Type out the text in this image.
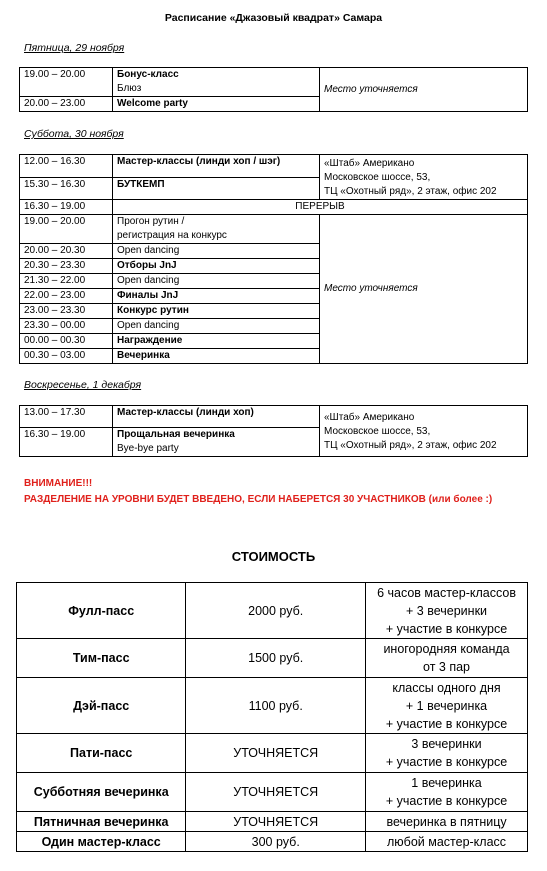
Расписание «Джазовый квадрат» Самара
Пятница, 29 ноября
19.00 – 20.00	Бонус-класс
Блюз	Место уточняется
20.00 – 23.00	Welcome party	
Суббота, 30 ноября
12.00 – 16.30	Мастер-классы (линди хоп / шэг)	«Штаб» Американо
Московское шоссе, 53,
ТЦ «Охотный ряд», 2 этаж, офис 202

15.30 – 16.30	БУТКЕМП	
16.30 – 19.00	ПЕРЕРЫВ	
19.00 – 20.00	Прогон рутин /
регистрация на конкурс	Место уточняется
20.00 – 20.30	Open dancing	
20.30 – 23.30	Отборы JnJ	
21.30 – 22.00	Open dancing	
22.00 – 23.00	Финалы JnJ	
23.00 – 23.30	Конкурс рутин	
23.30 – 00.00	Open dancing	
00.00 – 00.30	Награждение	
00.30 – 03.00	Вечеринка	
Воскресенье, 1 декабря
13.00 – 17.30	Мастер-классы (линди хоп)	«Штаб» Американо
Московское шоссе, 53,
ТЦ «Охотный ряд», 2 этаж, офис 202

16.30 – 19.00	Прощальная вечеринка
Bye-bye party	
ВНИМАНИЕ!!!
РАЗДЕЛЕНИЕ НА УРОВНИ БУДЕТ ВВЕДЕНО, ЕСЛИ НАБЕРЕТСЯ 30 УЧАСТНИКОВ (или более :)
СТОИМОСТЬ
Фулл-пасс	2000 руб.	6 часов мастер-классов
+ 3 вечеринки
+ участие в конкурсе

Тим-пасс	1500 руб.	иногородняя команда
от 3 пар

Дэй-пасс	1100 руб.	классы одного дня
+ 1 вечеринка
+ участие в конкурсе

Пати-пасс	УТОЧНЯЕТСЯ	3 вечеринки
+ участие в конкурсе

Субботняя вечеринка	УТОЧНЯЕТСЯ	1 вечеринка
+ участие в конкурсе

Пятничная вечеринка	УТОЧНЯЕТСЯ	вечеринка в пятницу
Один мастер-класс	300 руб.	любой мастер-класс
